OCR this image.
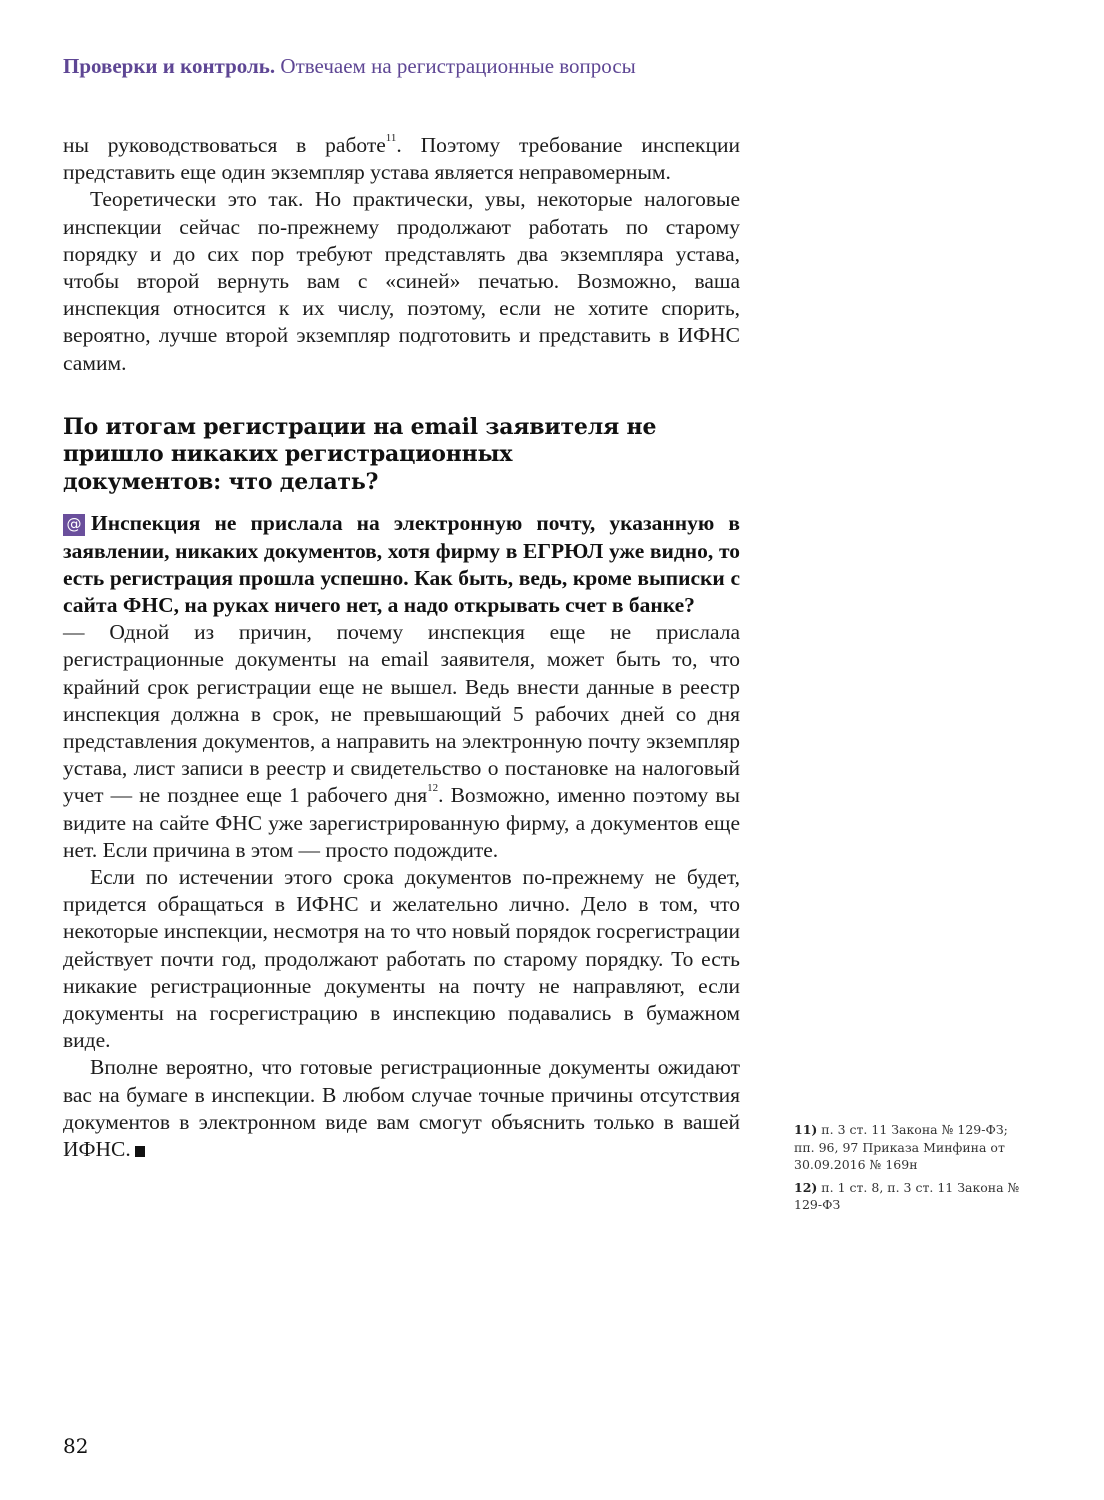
Проверки и контроль. Отвечаем на регистрационные вопросы

ны руководствоваться в работе$^{11}$. Поэтому требование инспекции представить еще один экземпляр устава является неправомерным.

Теоретически это так. Но практически, увы, некоторые налоговые инспекции сейчас по-прежнему продолжают работать по старому порядку и до сих пор требуют представлять два экземпляра устава, чтобы второй вернуть вам с «синей» печатью. Возможно, ваша инспекция относится к их числу, поэтому, если не хотите спорить, вероятно, лучше второй экземпляр подготовить и представить в ИФНС самим.

По итогам регистрации на email заявителя не пришло никаких регистрационных документов: что делать?

@ Инспекция не прислала на электронную почту, указанную в заявлении, никаких документов, хотя фирму в ЕГРЮЛ уже видно, то есть регистрация прошла успешно. Как быть, ведь, кроме выписки с сайта ФНС, на руках ничего нет, а надо открывать счет в банке?

— Одной из причин, почему инспекция еще не прислала регистрационные документы на email заявителя, может быть то, что крайний срок регистрации еще не вышел. Ведь внести данные в реестр инспекция должна в срок, не превышающий 5 рабочих дней со дня представления документов, а направить на электронную почту экземпляр устава, лист записи в реестр и свидетельство о постановке на налоговый учет — не позднее еще 1 рабочего дня$^{12}$. Возможно, именно поэтому вы видите на сайте ФНС уже зарегистрированную фирму, а документов еще нет. Если причина в этом — просто подождите.

Если по истечении этого срока документов по-прежнему не будет, придется обращаться в ИФНС и желательно лично. Дело в том, что некоторые инспекции, несмотря на то что новый порядок госрегистрации действует почти год, продолжают работать по старому порядку. То есть никакие регистрационные документы на почту не направляют, если документы на госрегистрацию в инспекцию подавались в бумажном виде.

Вполне вероятно, что готовые регистрационные документы ожидают вас на бумаге в инспекции. В любом случае точные причины отсутствия документов в электронном виде вам смогут объяснить только в вашей ИФНС.

11) п. 3 ст. 11 Закона № 129-ФЗ; пп. 96, 97 Приказа Минфина от 30.09.2016 № 169н
12) п. 1 ст. 8, п. 3 ст. 11 Закона № 129-ФЗ
82
